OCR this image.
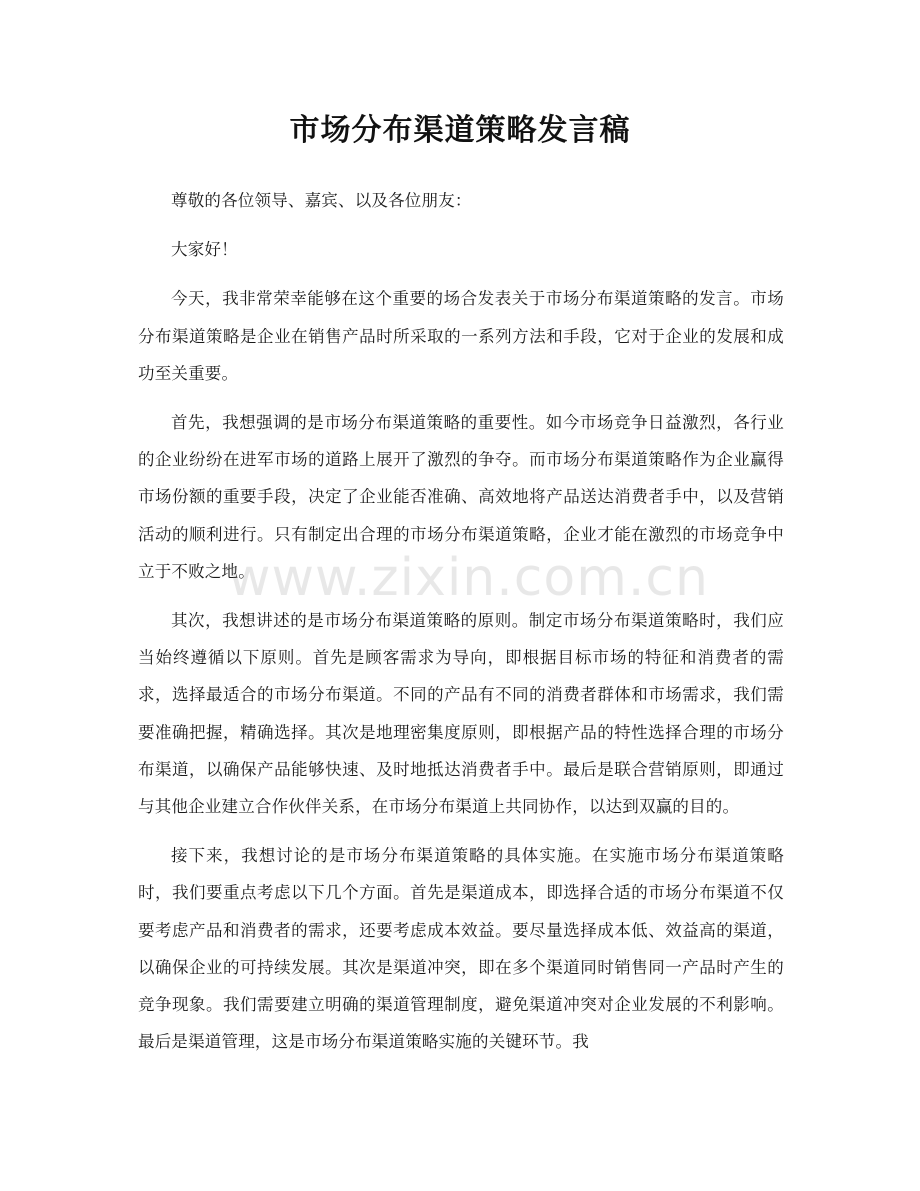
市场分布渠道策略发言稿

尊敬的各位领导、嘉宾、以及各位朋友：

大家好！

今天，我非常荣幸能够在这个重要的场合发表关于市场分布渠道策略的发言。市场分布渠道策略是企业在销售产品时所采取的一系列方法和手段，它对于企业的发展和成功至关重要。

首先，我想强调的是市场分布渠道策略的重要性。如今市场竞争日益激烈，各行业的企业纷纷在进军市场的道路上展开了激烈的争夺。而市场分布渠道策略作为企业赢得市场份额的重要手段，决定了企业能否准确、高效地将产品送达消费者手中，以及营销活动的顺利进行。只有制定出合理的市场分布渠道策略，企业才能在激烈的市场竞争中立于不败之地。

其次，我想讲述的是市场分布渠道策略的原则。制定市场分布渠道策略时，我们应当始终遵循以下原则。首先是顾客需求为导向，即根据目标市场的特征和消费者的需求，选择最适合的市场分布渠道。不同的产品有不同的消费者群体和市场需求，我们需要准确把握，精确选择。其次是地理密集度原则，即根据产品的特性选择合理的市场分布渠道，以确保产品能够快速、及时地抵达消费者手中。最后是联合营销原则，即通过与其他企业建立合作伙伴关系，在市场分布渠道上共同协作，以达到双赢的目的。

接下来，我想讨论的是市场分布渠道策略的具体实施。在实施市场分布渠道策略时，我们要重点考虑以下几个方面。首先是渠道成本，即选择合适的市场分布渠道不仅要考虑产品和消费者的需求，还要考虑成本效益。要尽量选择成本低、效益高的渠道，以确保企业的可持续发展。其次是渠道冲突，即在多个渠道同时销售同一产品时产生的竞争现象。我们需要建立明确的渠道管理制度，避免渠道冲突对企业发展的不利影响。最后是渠道管理，这是市场分布渠道策略实施的关键环节。我

www.zixin.com.cn
